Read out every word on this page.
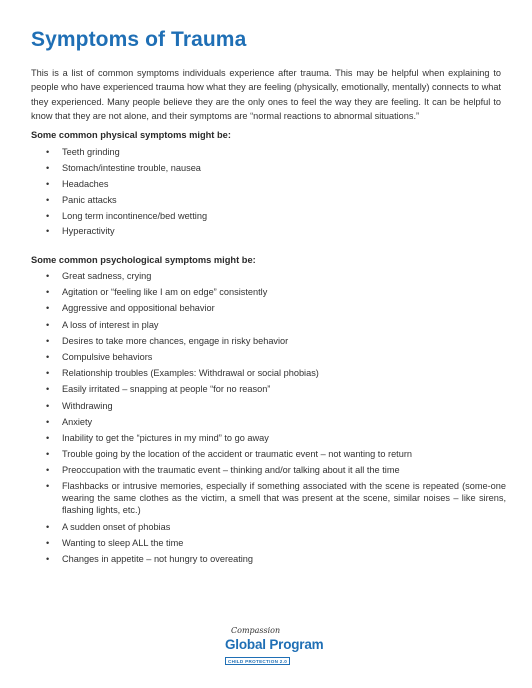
Symptoms of Trauma

This is a list of common symptoms individuals experience after trauma. This may be helpful when explaining to people who have experienced trauma how what they are feeling (physically, emotionally, mentally) connects to what they experienced. Many people believe they are the only ones to feel the way they are feeling. It can be helpful to know that they are not alone, and their symptoms are “normal reactions to abnormal situations.”

Some common physical symptoms might be:

• Teeth grinding
• Stomach/intestine trouble, nausea
• Headaches
• Panic attacks
• Long term incontinence/bed wetting
• Hyperactivity

Some common psychological symptoms might be:

• Great sadness, crying
• Agitation or “feeling like I am on edge” consistently
• Aggressive and oppositional behavior
• A loss of interest in play
• Desires to take more chances, engage in risky behavior
• Compulsive behaviors
• Relationship troubles (Examples: Withdrawal or social phobias)
• Easily irritated – snapping at people “for no reason”
• Withdrawing
• Anxiety
• Inability to get the “pictures in my mind” to go away
• Trouble going by the location of the accident or traumatic event – not wanting to return
• Preoccupation with the traumatic event – thinking and/or talking about it all the time
• Flashbacks or intrusive memories, especially if something associated with the scene is repeated (some-one wearing the same clothes as the victim, a smell that was present at the scene, similar noises – like sirens, flashing lights, etc.)
• A sudden onset of phobias
• Wanting to sleep ALL the time
• Changes in appetite – not hungry to overeating
Compassion
Global Program
CHILD PROTECTION 2.0
